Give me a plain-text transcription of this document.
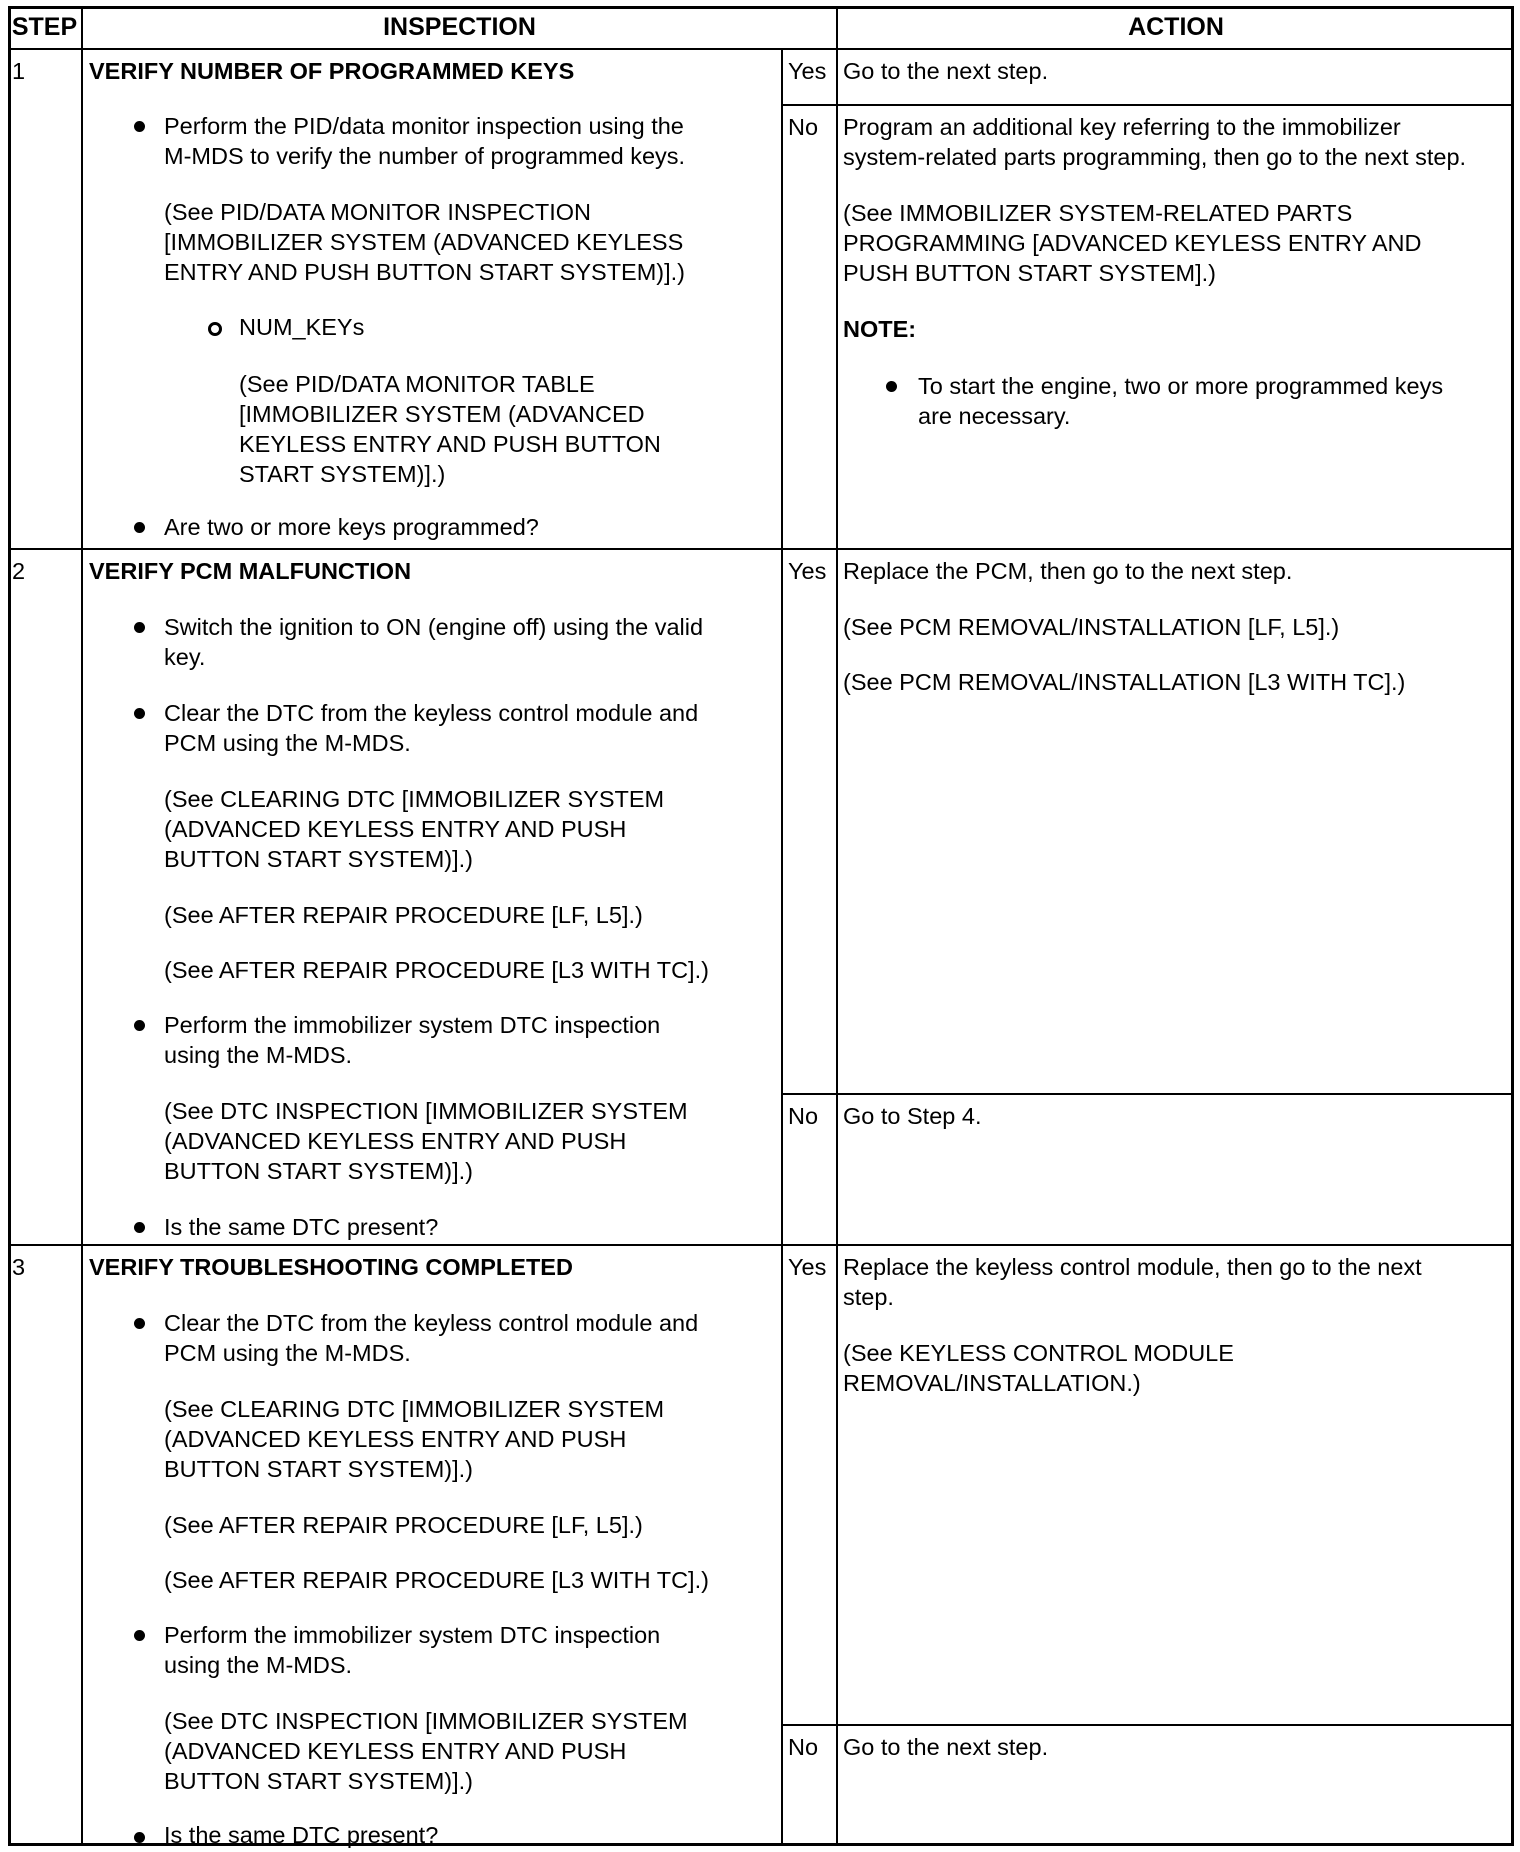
STEP	INSPECTION	ACTION
1	VERIFY NUMBER OF PROGRAMMED KEYS
Perform the PID/data monitor inspection using the
M-MDS to verify the number of programmed keys.
(See PID/DATA MONITOR INSPECTION
[IMMOBILIZER SYSTEM (ADVANCED KEYLESS
ENTRY AND PUSH BUTTON START SYSTEM)].)
NUM_KEYs
(See PID/DATA MONITOR TABLE
[IMMOBILIZER SYSTEM (ADVANCED
KEYLESS ENTRY AND PUSH BUTTON
START SYSTEM)].)
Are two or more keys programmed?
Yes Go to the next step.
No Program an additional key referring to the immobilizer
system-related parts programming, then go to the next step.
(See IMMOBILIZER SYSTEM-RELATED PARTS
PROGRAMMING [ADVANCED KEYLESS ENTRY AND
PUSH BUTTON START SYSTEM].)
NOTE:
To start the engine, two or more programmed keys
are necessary.
2	VERIFY PCM MALFUNCTION
Switch the ignition to ON (engine off) using the valid
key.
Clear the DTC from the keyless control module and
PCM using the M-MDS.
(See CLEARING DTC [IMMOBILIZER SYSTEM
(ADVANCED KEYLESS ENTRY AND PUSH
BUTTON START SYSTEM)].)
(See AFTER REPAIR PROCEDURE [LF, L5].)
(See AFTER REPAIR PROCEDURE [L3 WITH TC].)
Perform the immobilizer system DTC inspection
using the M-MDS.
(See DTC INSPECTION [IMMOBILIZER SYSTEM
(ADVANCED KEYLESS ENTRY AND PUSH
BUTTON START SYSTEM)].)
Is the same DTC present?
Yes Replace the PCM, then go to the next step.
(See PCM REMOVAL/INSTALLATION [LF, L5].)
(See PCM REMOVAL/INSTALLATION [L3 WITH TC].)
No Go to Step 4.
3	VERIFY TROUBLESHOOTING COMPLETED
Clear the DTC from the keyless control module and
PCM using the M-MDS.
(See CLEARING DTC [IMMOBILIZER SYSTEM
(ADVANCED KEYLESS ENTRY AND PUSH
BUTTON START SYSTEM)].)
(See AFTER REPAIR PROCEDURE [LF, L5].)
(See AFTER REPAIR PROCEDURE [L3 WITH TC].)
Perform the immobilizer system DTC inspection
using the M-MDS.
(See DTC INSPECTION [IMMOBILIZER SYSTEM
(ADVANCED KEYLESS ENTRY AND PUSH
BUTTON START SYSTEM)].)
Is the same DTC present?
Yes Replace the keyless control module, then go to the next
step.
(See KEYLESS CONTROL MODULE
REMOVAL/INSTALLATION.)
No Go to the next step.
